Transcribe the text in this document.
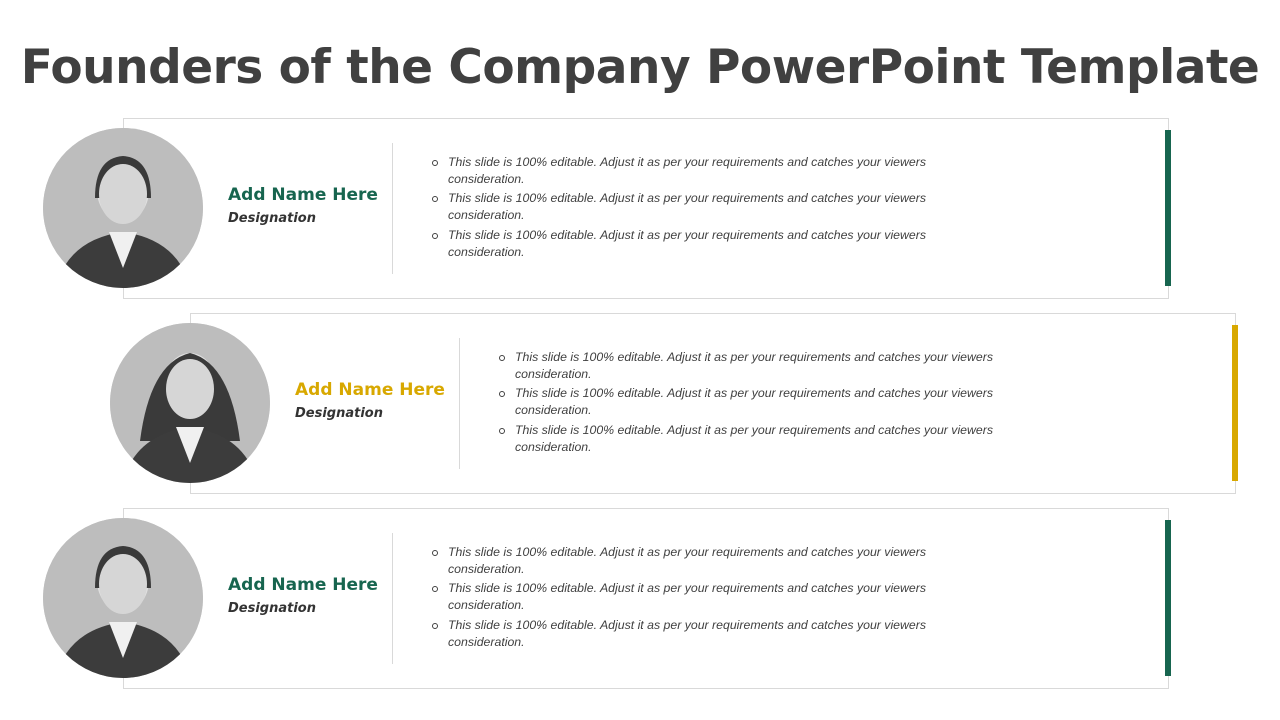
Founders of the Company PowerPoint Template
Add Name Here
Designation
This slide is 100% editable. Adjust it as per your requirements and catches your viewers consideration.
This slide is 100% editable. Adjust it as per your requirements and catches your viewers consideration.
This slide is 100% editable. Adjust it as per your requirements and catches your viewers consideration.
Add Name Here
Designation
This slide is 100% editable. Adjust it as per your requirements and catches your viewers consideration.
This slide is 100% editable. Adjust it as per your requirements and catches your viewers consideration.
This slide is 100% editable. Adjust it as per your requirements and catches your viewers consideration.
Add Name Here
Designation
This slide is 100% editable. Adjust it as per your requirements and catches your viewers consideration.
This slide is 100% editable. Adjust it as per your requirements and catches your viewers consideration.
This slide is 100% editable. Adjust it as per your requirements and catches your viewers consideration.
